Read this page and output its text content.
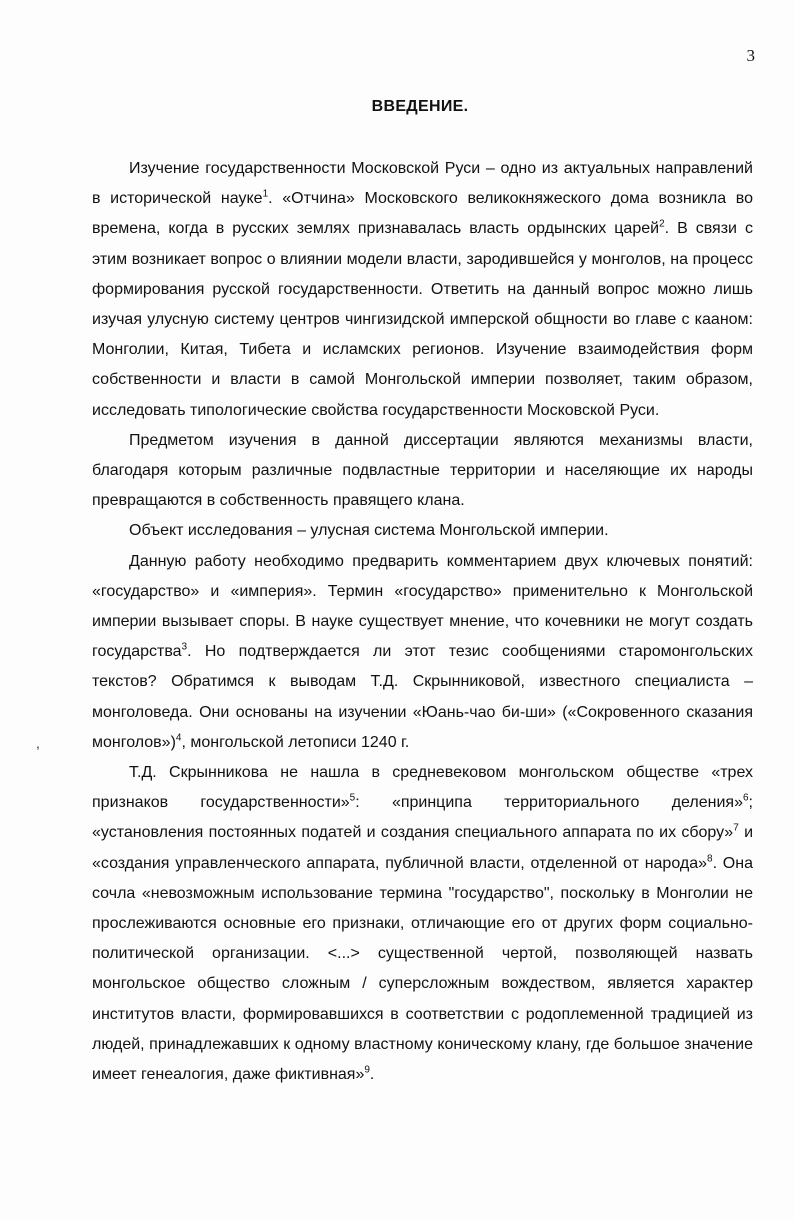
3
ВВЕДЕНИЕ.
,

Изучение государственности Московской Руси – одно из актуальных направлений в исторической науке$^1$. «Отчина» Московского великокняжеского дома возникла во времена, когда в русских землях признавалась власть ордынских царей$^2$. В связи с этим возникает вопрос о влиянии модели власти, зародившейся у монголов, на процесс формирования русской государственности. Ответить на данный вопрос можно лишь изучая улусную систему центров чингизидской имперской общности во главе с кааном: Монголии, Китая, Тибета и исламских регионов. Изучение взаимодействия форм собственности и власти в самой Монгольской империи позволяет, таким образом, исследовать типологические свойства государственности Московской Руси.

Предметом изучения в данной диссертации являются механизмы власти, благодаря которым различные подвластные территории и населяющие их народы превращаются в собственность правящего клана.

Объект исследования – улусная система Монгольской империи.

Данную работу необходимо предварить комментарием двух ключевых понятий: «государство» и «империя». Термин «государство» применительно к Монгольской империи вызывает споры. В науке существует мнение, что кочевники не могут создать государства$^3$. Но подтверждается ли этот тезис сообщениями старомонгольских текстов? Обратимся к выводам Т.Д. Скрынниковой, известного специалиста – монголоведа. Они основаны на изучении «Юань-чао би-ши» («Сокровенного сказания монголов»)$^4$, монгольской летописи 1240 г.

Т.Д. Скрынникова не нашла в средневековом монгольском обществе «трех признаков государственности»$^5$: «принципа территориального деления»$^6$; «установления постоянных податей и создания специального аппарата по их сбору»$^7$ и «создания управленческого аппарата, публичной власти, отделенной от народа»$^8$. Она сочла «невозможным использование термина "государство", поскольку в Монголии не прослеживаются основные его признаки, отличающие его от других форм социально-политической организации. <...> существенной чертой, позволяющей назвать монгольское общество сложным / суперсложным вождеством, является характер институтов власти, формировавшихся в соответствии с родоплеменной традицией из людей, принадлежавших к одному властному коническому клану, где большое значение имеет генеалогия, даже фиктивная»$^9$.
